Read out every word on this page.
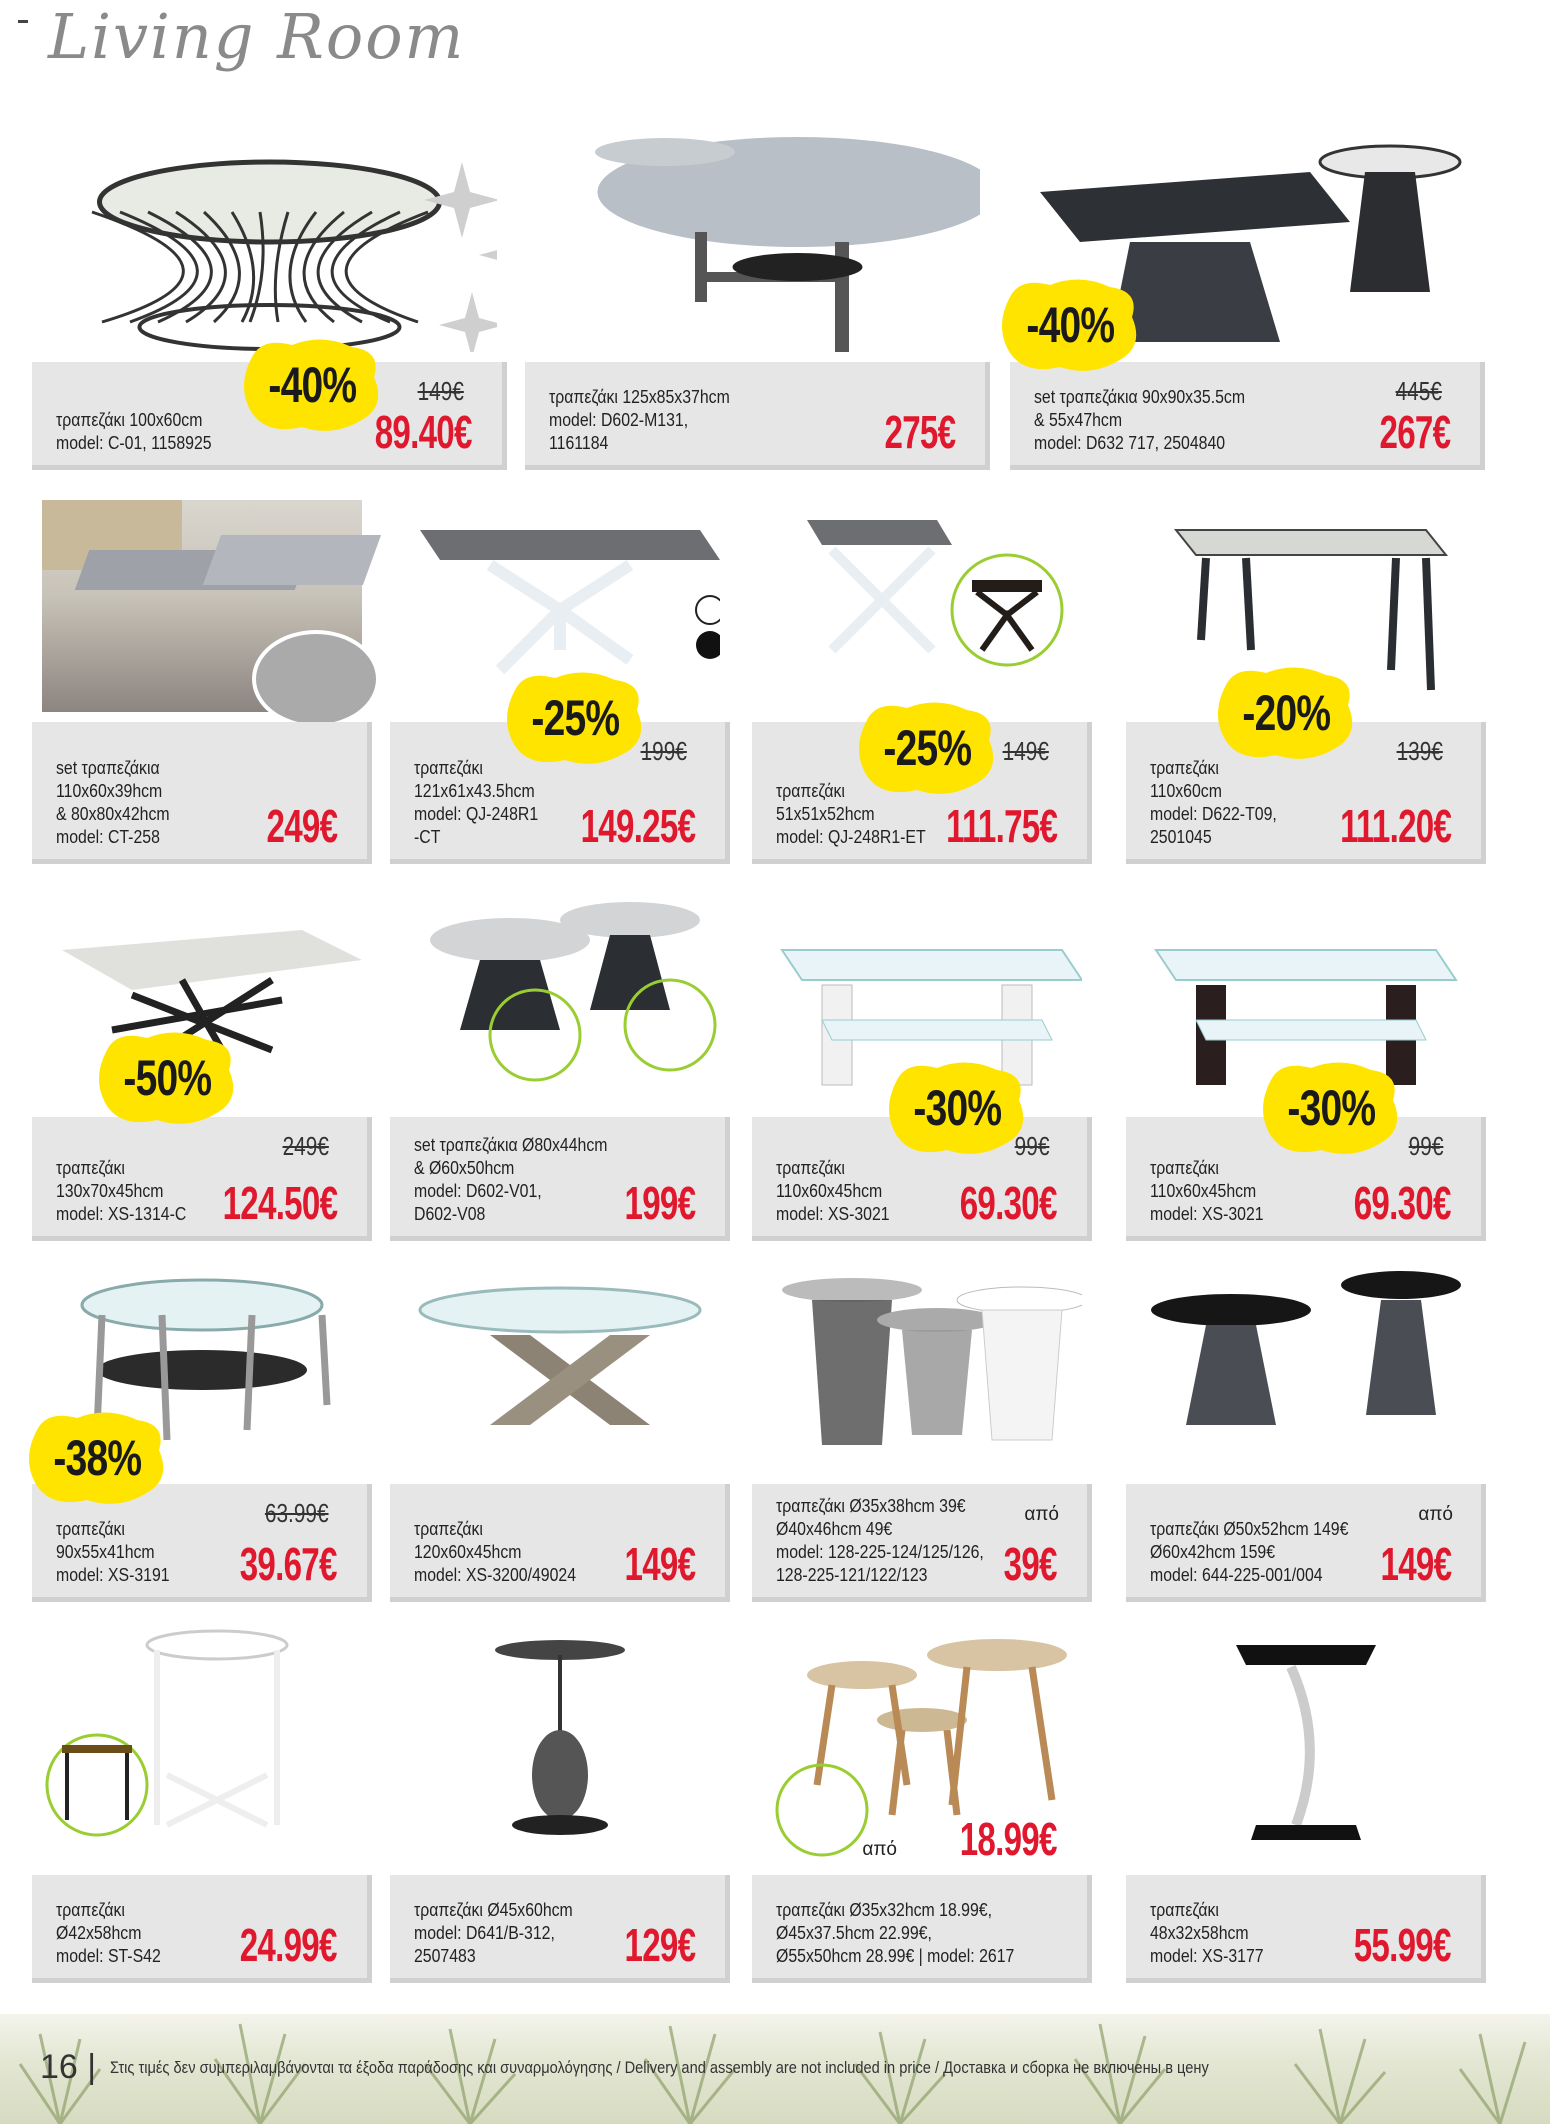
Living Room
τραπεζάκι 100x60cm
model: C-01, 1158925
149€
89.40€
-40%	τραπεζάκι 125x85x37hcm
model: D602-M131,
1161184	275€
set τραπεζάκια 90x90x35.5cm
& 55x47hcm
model: D632 717, 2504840
445€
267€
-40%
set τραπεζάκια
110x60x39hcm
& 80x80x42hcm
model: CT-258	249€
τραπεζάκι
121x61x43.5hcm
model: QJ-248R1
-CT
199€
149.25€
-25%
τραπεζάκι
51x51x52hcm
model: QJ-248R1-ET
149€
111.75€
-25%	τραπεζάκι
110x60cm
model: D622-T09,
2501045
139€
111.20€
-20%
τραπεζάκι
130x70x45hcm
model: XS-1314-C
249€
124.50€
-50%
set τραπεζάκια Ø80x44hcm
& Ø60x50hcm
model: D602-V01,
D602-V08	199€
τραπεζάκι
110x60x45hcm
model: XS-3021
99€
69.30€
-30%
τραπεζάκι
110x60x45hcm
model: XS-3021
99€
69.30€
-30%
τραπεζάκι
90x55x41hcm
model: XS-3191
63.99€
39.67€
-38%
τραπεζάκι
120x60x45hcm
model: XS-3200/49024 149€
τραπεζάκι Ø35x38hcm 39€
Ø40x46hcm 49€
model: 128-225-124/125/126,
128-225-121/122/123
από
39€
τραπεζάκι Ø50x52hcm 149€
Ø60x42hcm 159€
model: 644-225-001/004
από
149€
τραπεζάκι
Ø42x58hcm
model: ST-S42	24.99€
τραπεζάκι Ø45x60hcm
model: D641/B-312,
2507483	129€
τραπεζάκι Ø35x32hcm 18.99€,
Ø45x37.5hcm 22.99€,
Ø55x50hcm 28.99€ | model: 2617
από 18.99€
τραπεζάκι
48x32x58hcm
model: XS-3177	55.99€
16 | Στις τιμές δεν συμπεριλαμβάνονται τα έξοδα παράδοσης και συναρμολόγησης / Delivery and assembly are not included in price / Доставка и сборка не включены в цену
